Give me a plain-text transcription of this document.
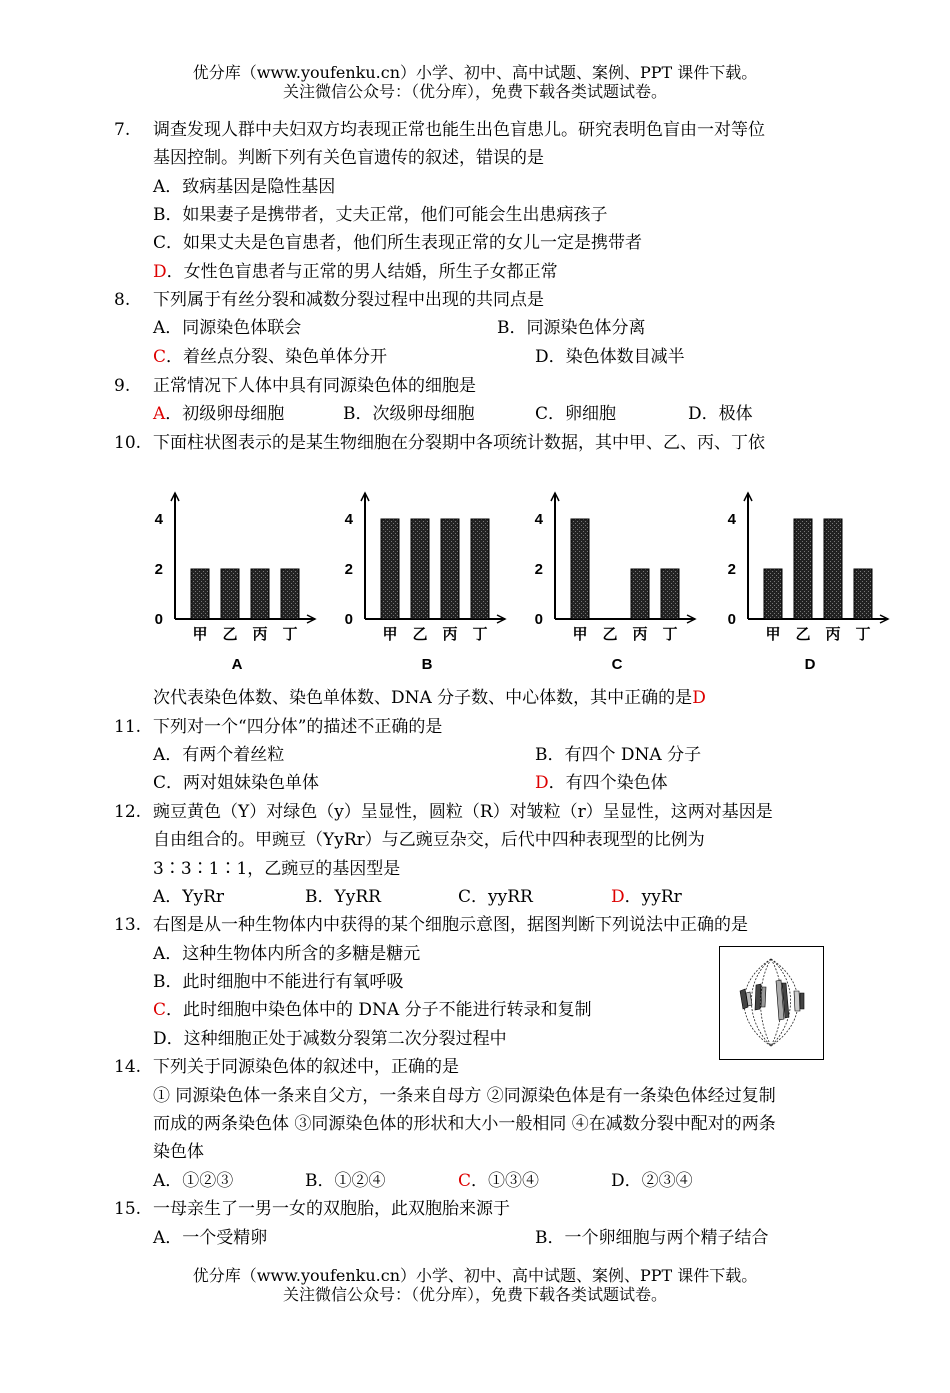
优分库（www.youfenku.cn）小学、初中、高中试题、案例、PPT 课件下载。
关注微信公众号：（优分库），免费下载各类试题试卷。
7. 调查发现人群中夫妇双方均表现正常也能生出色盲患儿。研究表明色盲由一对等位
基因控制。判断下列有关色盲遗传的叙述，错误的是
A．致病基因是隐性基因
B．如果妻子是携带者，丈夫正常，他们可能会生出患病孩子
C．如果丈夫是色盲患者，他们所生表现正常的女儿一定是携带者
D．女性色盲患者与正常的男人结婚，所生子女都正常
8. 下列属于有丝分裂和减数分裂过程中出现的共同点是
A．同源染色体联会	B．同源染色体分离
C．着丝点分裂、染色单体分开	D．染色体数目减半
9. 正常情况下人体中具有同源染色体的细胞是
A．初级卵母细胞	B．次级卵母细胞	C．卵细胞	D．极体
10. 下面柱状图表示的是某生物细胞在分裂期中各项统计数据，其中甲、乙、丙、丁依
0
2
4
甲 乙 丙 丁
A
0
2
4
甲 乙 丙 丁
B
0
2
4
甲 乙 丙 丁
C
0
2
4
甲 乙 丙 丁
D
次代表染色体数、染色单体数、DNA 分子数、中心体数，其中正确的是D
11. 下列对一个“四分体”的描述不正确的是
A．有两个着丝粒	B．有四个 DNA 分子
C．两对姐妹染色单体	D．有四个染色体
12. 豌豆黄色（Y）对绿色（y）呈显性，圆粒（R）对皱粒（r）呈显性，这两对基因是
自由组合的。甲豌豆（YyRr）与乙豌豆杂交，后代中四种表现型的比例为
3∶3∶1∶1，乙豌豆的基因型是
A．YyRr	B．YyRR	C．yyRR	D．yyRr
13. 右图是从一种生物体内中获得的某个细胞示意图，据图判断下列说法中正确的是
A．这种生物体内所含的多糖是糖元
B．此时细胞中不能进行有氧呼吸
C．此时细胞中染色体中的 DNA 分子不能进行转录和复制
D．这种细胞正处于减数分裂第二次分裂过程中
14. 下列关于同源染色体的叙述中，正确的是
① 同源染色体一条来自父方，一条来自母方 ②同源染色体是有一条染色体经过复制
而成的两条染色体 ③同源染色体的形状和大小一般相同 ④在减数分裂中配对的两条
染色体
A．①②③	B．①②④	C．①③④	D．②③④
15. 一母亲生了一男一女的双胞胎，此双胞胎来源于
A．一个受精卵	B．一个卵细胞与两个精子结合
优分库（www.youfenku.cn）小学、初中、高中试题、案例、PPT 课件下载。
关注微信公众号：（优分库），免费下载各类试题试卷。
